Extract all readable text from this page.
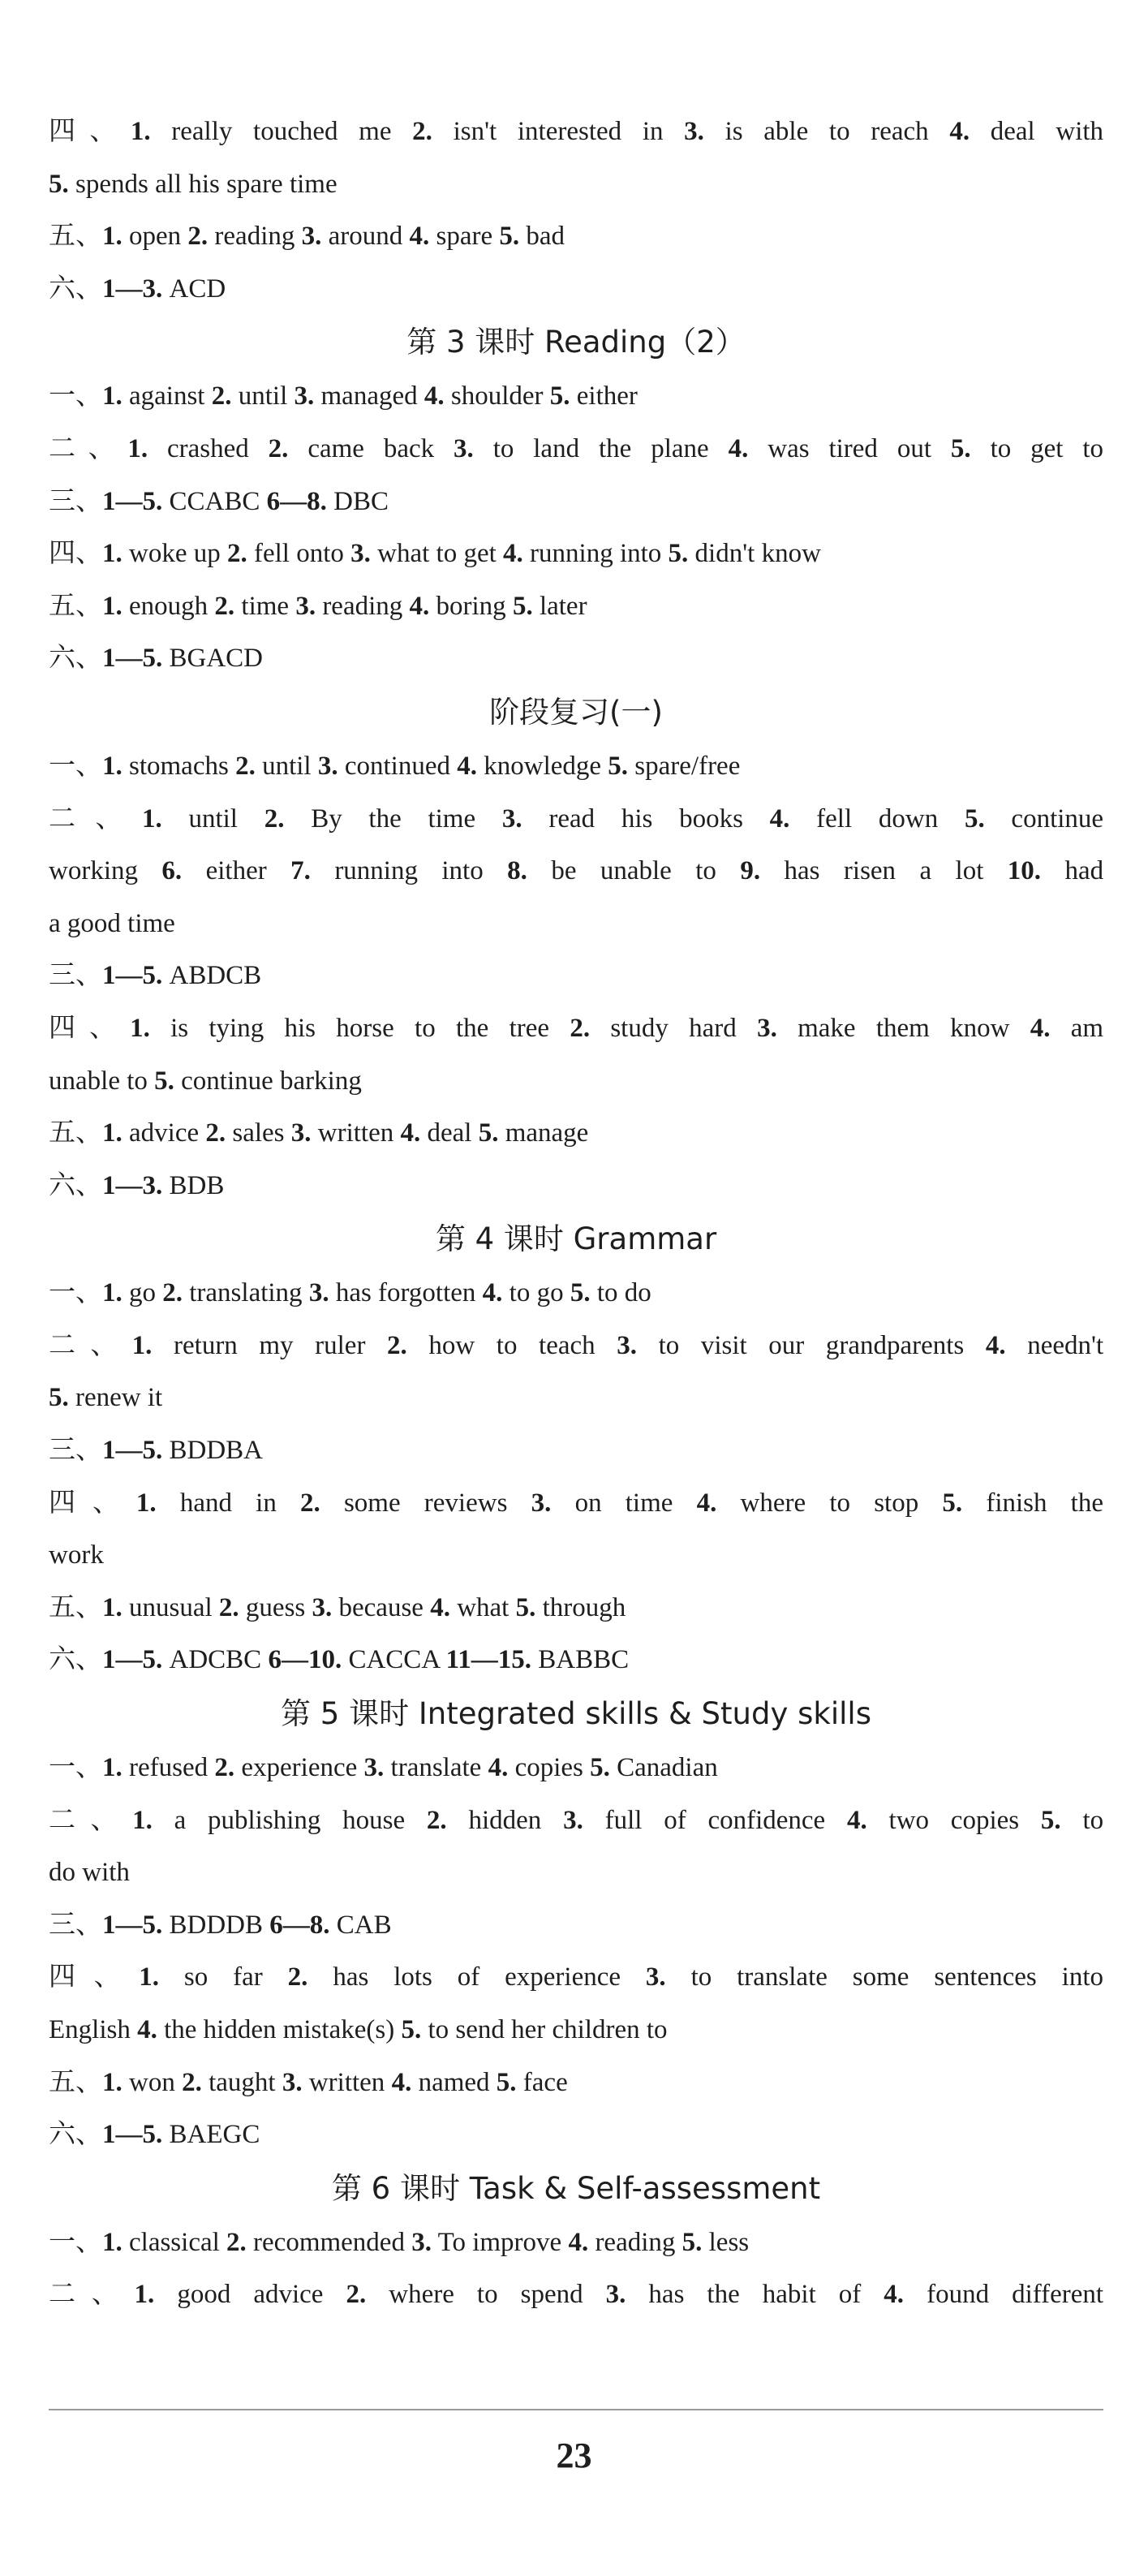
四、1. really touched me 2. isn't interested in 3. is able to reach 4. deal with
5. spends all his spare time
五、1. open 2. reading 3. around 4. spare 5. bad
六、1—3. ACD
第 3 课时 Reading（2）
一、1. against 2. until 3. managed 4. shoulder 5. either
二、1. crashed 2. came back 3. to land the plane 4. was tired out 5. to get to
三、1—5. CCABC 6—8. DBC
四、1. woke up 2. fell onto 3. what to get 4. running into 5. didn't know
五、1. enough 2. time 3. reading 4. boring 5. later
六、1—5. BGACD
阶段复习(一)
一、1. stomachs 2. until 3. continued 4. knowledge 5. spare/free
二、1. until 2. By the time 3. read his books 4. fell down 5. continue
working 6. either 7. running into 8. be unable to 9. has risen a lot 10. had
a good time
三、1—5. ABDCB
四、1. is tying his horse to the tree 2. study hard 3. make them know 4. am
unable to 5. continue barking
五、1. advice 2. sales 3. written 4. deal 5. manage
六、1—3. BDB
第 4 课时 Grammar
一、1. go 2. translating 3. has forgotten 4. to go 5. to do
二、1. return my ruler 2. how to teach 3. to visit our grandparents 4. needn't
5. renew it
三、1—5. BDDBA
四、1. hand in 2. some reviews 3. on time 4. where to stop 5. finish the
work
五、1. unusual 2. guess 3. because 4. what 5. through
六、1—5. ADCBC 6—10. CACCA 11—15. BABBC
第 5 课时 Integrated skills & Study skills
一、1. refused 2. experience 3. translate 4. copies 5. Canadian
二、1. a publishing house 2. hidden 3. full of confidence 4. two copies 5. to
do with
三、1—5. BDDDB 6—8. CAB
四、1. so far 2. has lots of experience 3. to translate some sentences into
English 4. the hidden mistake(s) 5. to send her children to
五、1. won 2. taught 3. written 4. named 5. face
六、1—5. BAEGC
第 6 课时 Task & Self-assessment
一、1. classical 2. recommended 3. To improve 4. reading 5. less
二、1. good advice 2. where to spend 3. has the habit of 4. found different
23
